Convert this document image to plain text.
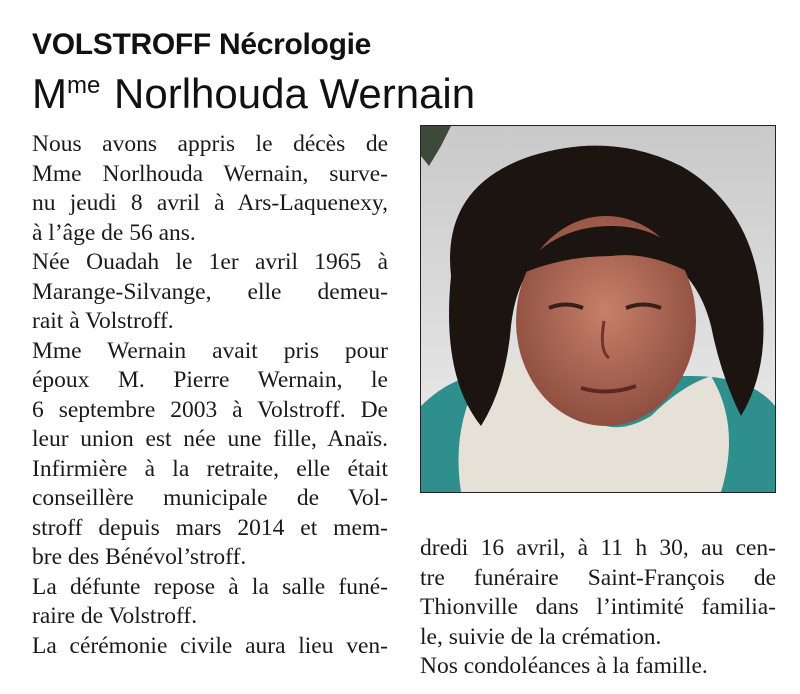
VOLSTROFF Nécrologie
$M^{me}$ Norlhouda Wernain
Nous avons appris le décès de
Mme Norlhouda Wernain, surve-
nu jeudi 8 avril à Ars-Laquenexy,
à l’âge de 56 ans.
Née Ouadah le 1er avril 1965 à
Marange-Silvange, elle demeu-
rait à Volstroff.
Mme Wernain avait pris pour
époux M. Pierre Wernain, le
6 septembre 2003 à Volstroff. De
leur union est née une fille, Anaïs.
Infirmière à la retraite, elle était
conseillère municipale de Vol-
stroff depuis mars 2014 et mem-
bre des Bénévol’stroff.
La défunte repose à la salle funé-
raire de Volstroff.
La cérémonie civile aura lieu ven-
dredi 16 avril, à 11 h 30, au cen-
tre funéraire Saint-François de
Thionville dans l’intimité familia-
le, suivie de la crémation.
Nos condoléances à la famille.
